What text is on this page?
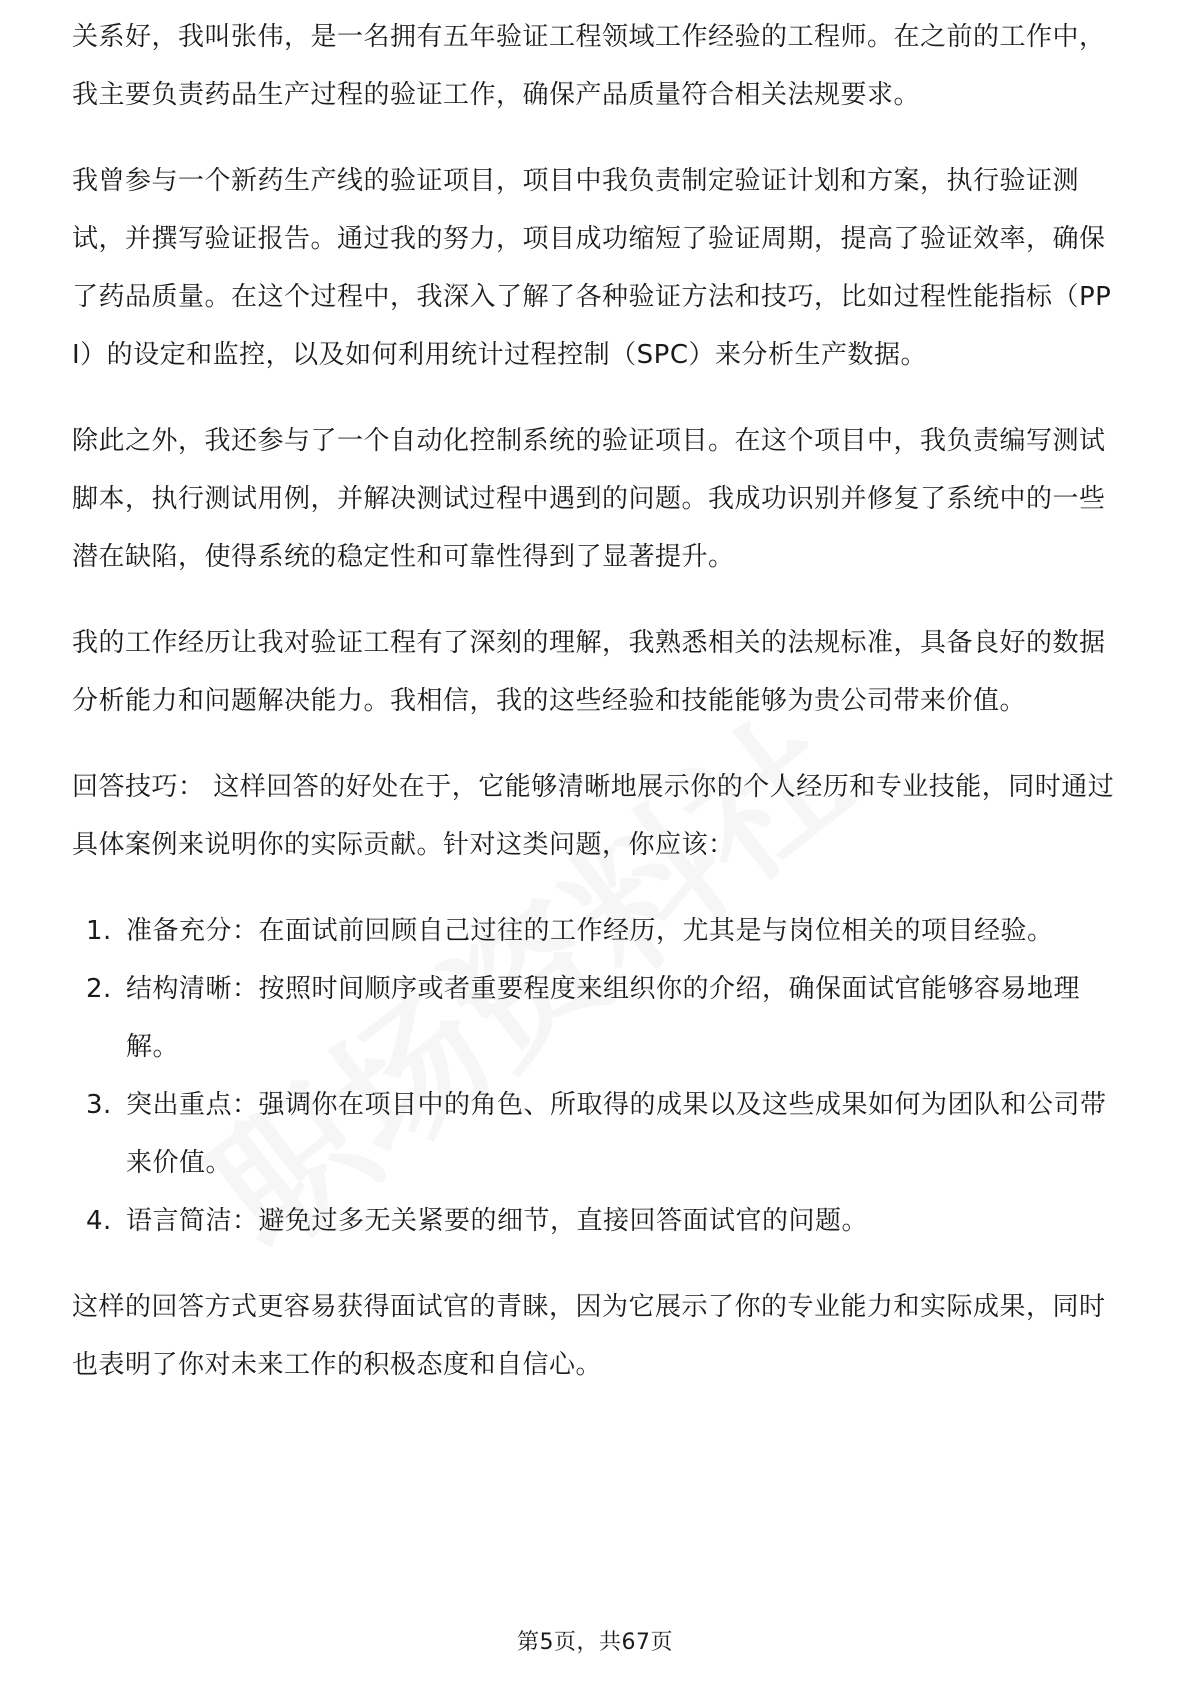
关系好，我叫张伟，是一名拥有五年验证工程领域工作经验的工程师。在之前的工作中，我主要负责药品生产过程的验证工作，确保产品质量符合相关法规要求。

我曾参与一个新药生产线的验证项目，项目中我负责制定验证计划和方案，执行验证测试，并撰写验证报告。通过我的努力，项目成功缩短了验证周期，提高了验证效率，确保了药品质量。在这个过程中，我深入了解了各种验证方法和技巧，比如过程性能指标（PPI）的设定和监控，以及如何利用统计过程控制（SPC）来分析生产数据。

除此之外，我还参与了一个自动化控制系统的验证项目。在这个项目中，我负责编写测试脚本，执行测试用例，并解决测试过程中遇到的问题。我成功识别并修复了系统中的一些潜在缺陷，使得系统的稳定性和可靠性得到了显著提升。

我的工作经历让我对验证工程有了深刻的理解，我熟悉相关的法规标准，具备良好的数据分析能力和问题解决能力。我相信，我的这些经验和技能能够为贵公司带来价值。

回答技巧： 这样回答的好处在于，它能够清晰地展示你的个人经历和专业技能，同时通过具体案例来说明你的实际贡献。针对这类问题，你应该：

1. 准备充分：在面试前回顾自己过往的工作经历，尤其是与岗位相关的项目经验。
2. 结构清晰：按照时间顺序或者重要程度来组织你的介绍，确保面试官能够容易地理解。
3. 突出重点：强调你在项目中的角色、所取得的成果以及这些成果如何为团队和公司带来价值。
4. 语言简洁：避免过多无关紧要的细节，直接回答面试官的问题。

这样的回答方式更容易获得面试官的青睐，因为它展示了你的专业能力和实际成果，同时也表明了你对未来工作的积极态度和自信心。

第5页，共67页
